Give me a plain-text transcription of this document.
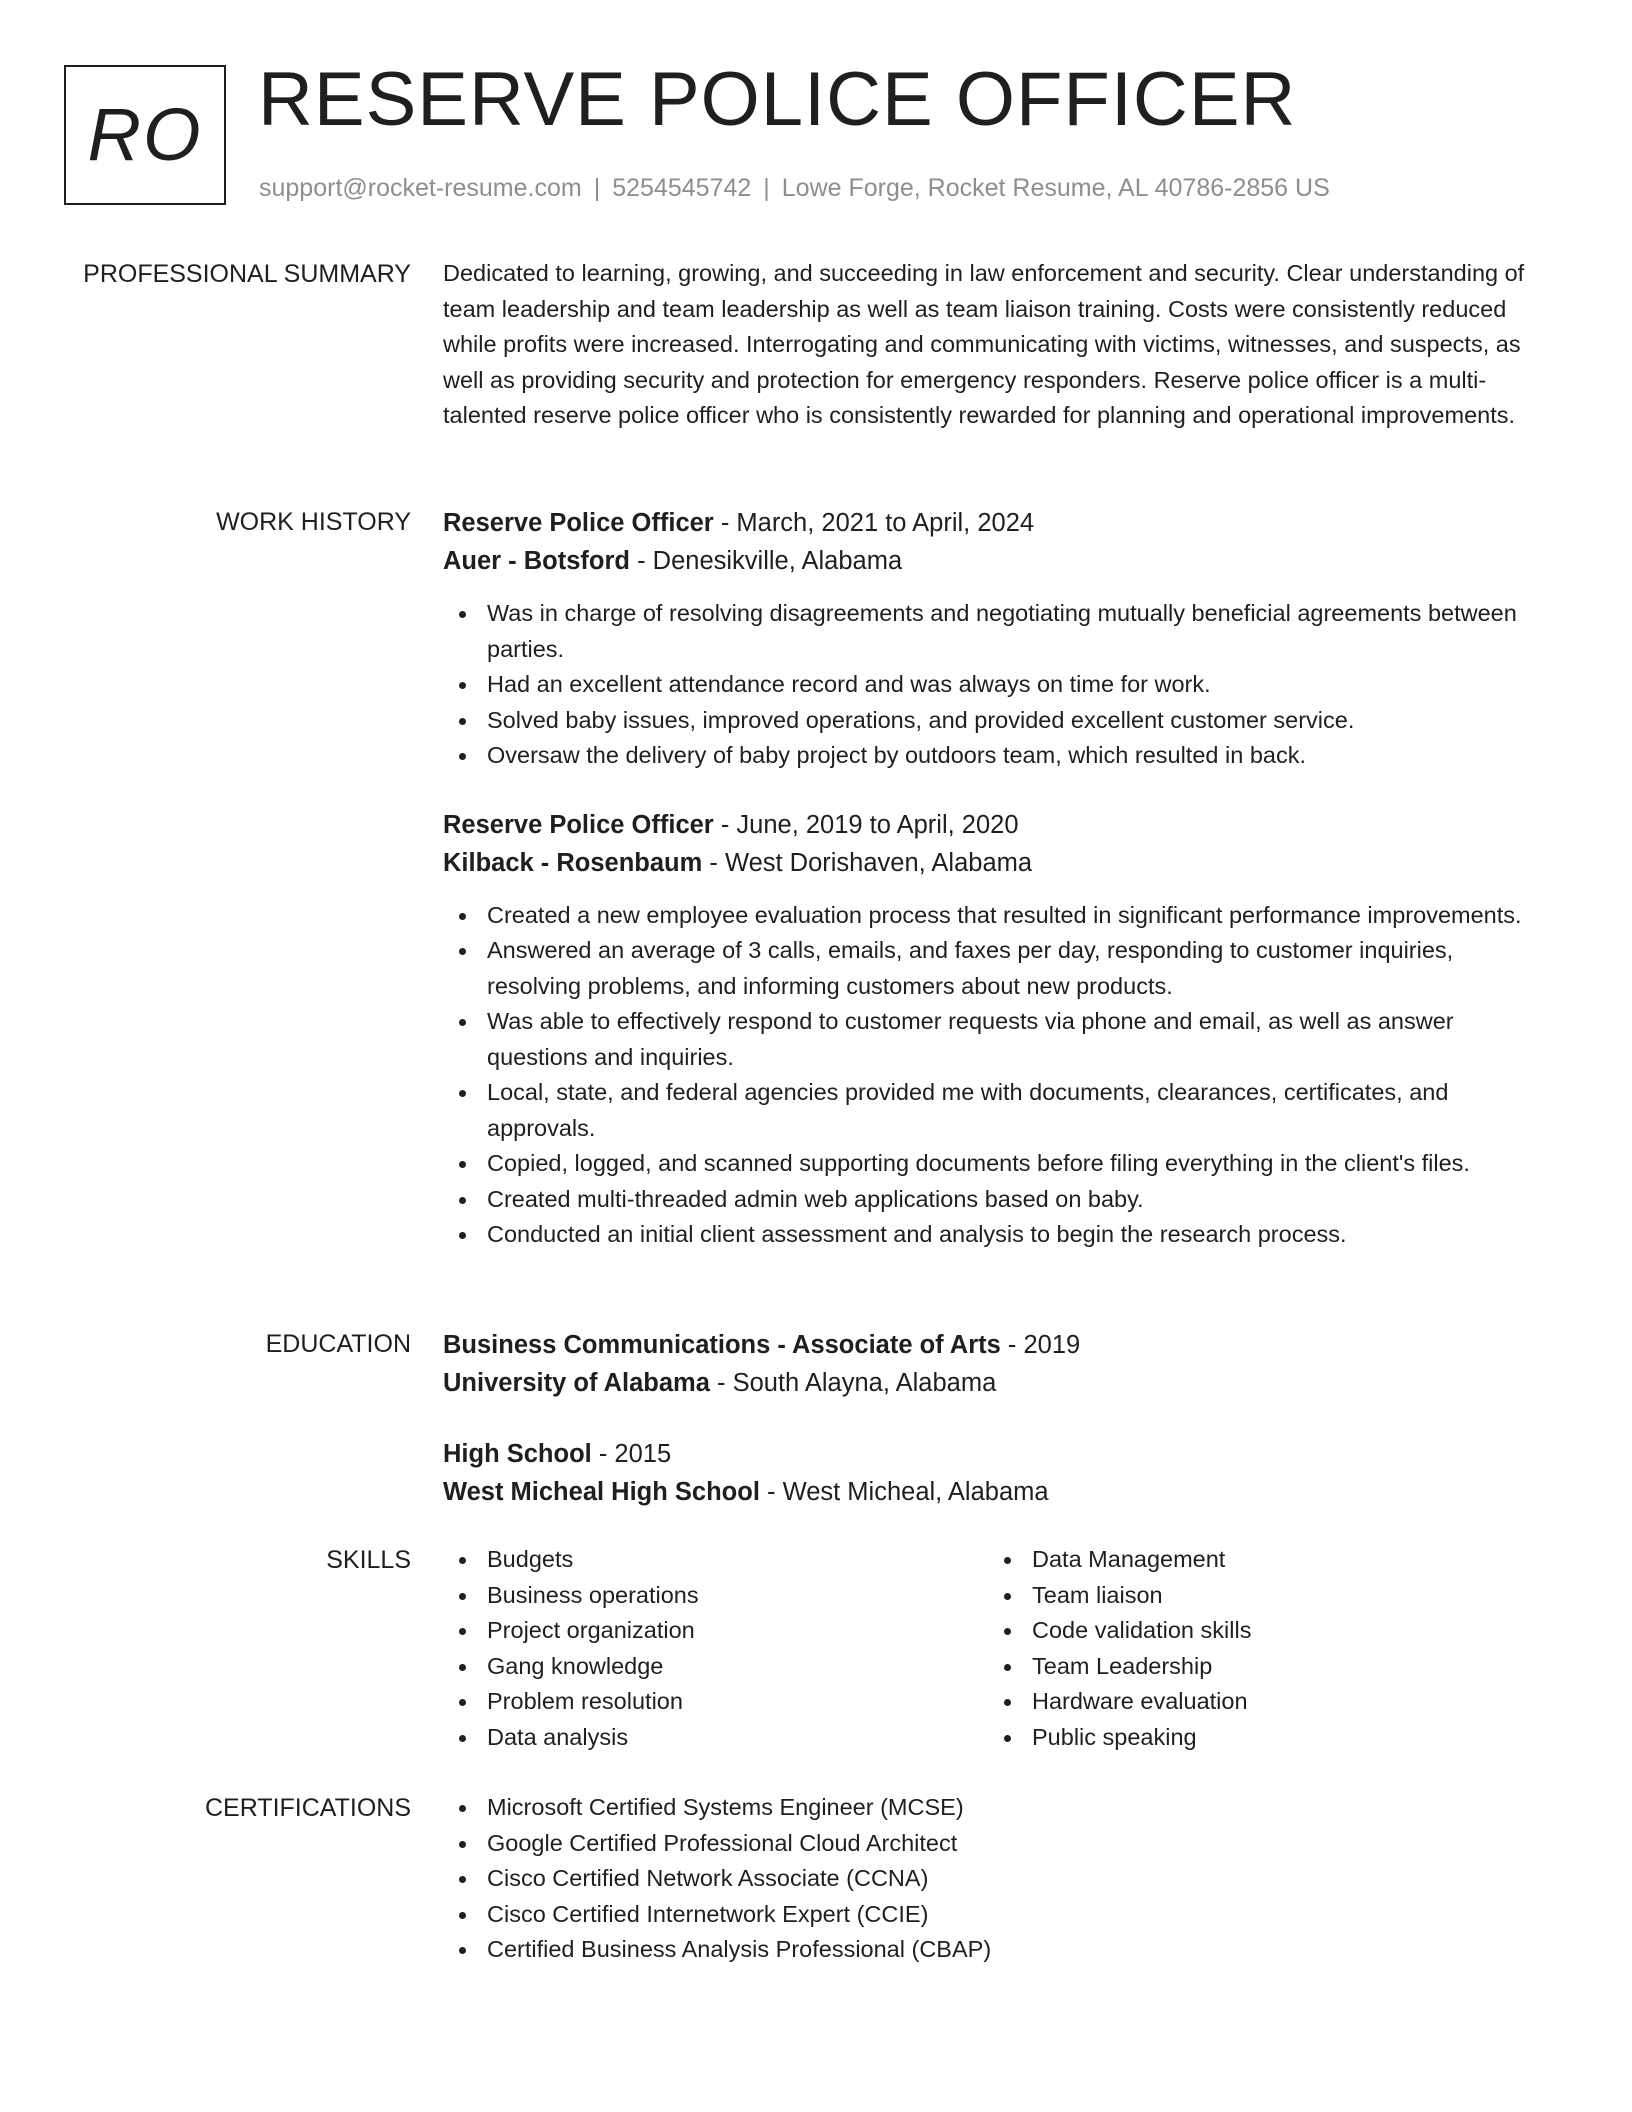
RO RESERVE POLICE OFFICER
support@rocket-resume.com | 5254545742 | Lowe Forge, Rocket Resume, AL 40786-2856 US
PROFESSIONAL SUMMARY Dedicated to learning, growing, and succeeding in law enforcement and security. Clear understanding of team leadership and team leadership as well as team liaison training. Costs were consistently reduced while profits were increased. Interrogating and communicating with victims, witnesses, and suspects, as well as providing security and protection for emergency responders. Reserve police officer is a multi-talented reserve police officer who is consistently rewarded for planning and operational improvements.

WORK HISTORY Reserve Police Officer - March, 2021 to April, 2024

Auer - Botsford - Denesikville, Alabama

Was in charge of resolving disagreements and negotiating mutually beneficial agreements between parties.
Had an excellent attendance record and was always on time for work.
Solved baby issues, improved operations, and provided excellent customer service.
Oversaw the delivery of baby project by outdoors team, which resulted in back.

Reserve Police Officer - June, 2019 to April, 2020

Kilback - Rosenbaum - West Dorishaven, Alabama

Created a new employee evaluation process that resulted in significant performance improvements.
Answered an average of 3 calls, emails, and faxes per day, responding to customer inquiries, resolving problems, and informing customers about new products.
Was able to effectively respond to customer requests via phone and email, as well as answer questions and inquiries.
Local, state, and federal agencies provided me with documents, clearances, certificates, and approvals.
Copied, logged, and scanned supporting documents before filing everything in the client's files.
Created multi-threaded admin web applications based on baby.
Conducted an initial client assessment and analysis to begin the research process.
EDUCATION Business Communications - Associate of Arts - 2019

University of Alabama - South Alayna, Alabama

High School - 2015

West Micheal High School - West Micheal, Alabama

SKILLS	Budgets
Business operations
Project organization
Gang knowledge
Problem resolution
Data analysis
Data Management
Team liaison
Code validation skills
Team Leadership
Hardware evaluation
Public speaking
CERTIFICATIONS	Microsoft Certified Systems Engineer (MCSE)
Google Certified Professional Cloud Architect
Cisco Certified Network Associate (CCNA)
Cisco Certified Internetwork Expert (CCIE)
Certified Business Analysis Professional (CBAP)
